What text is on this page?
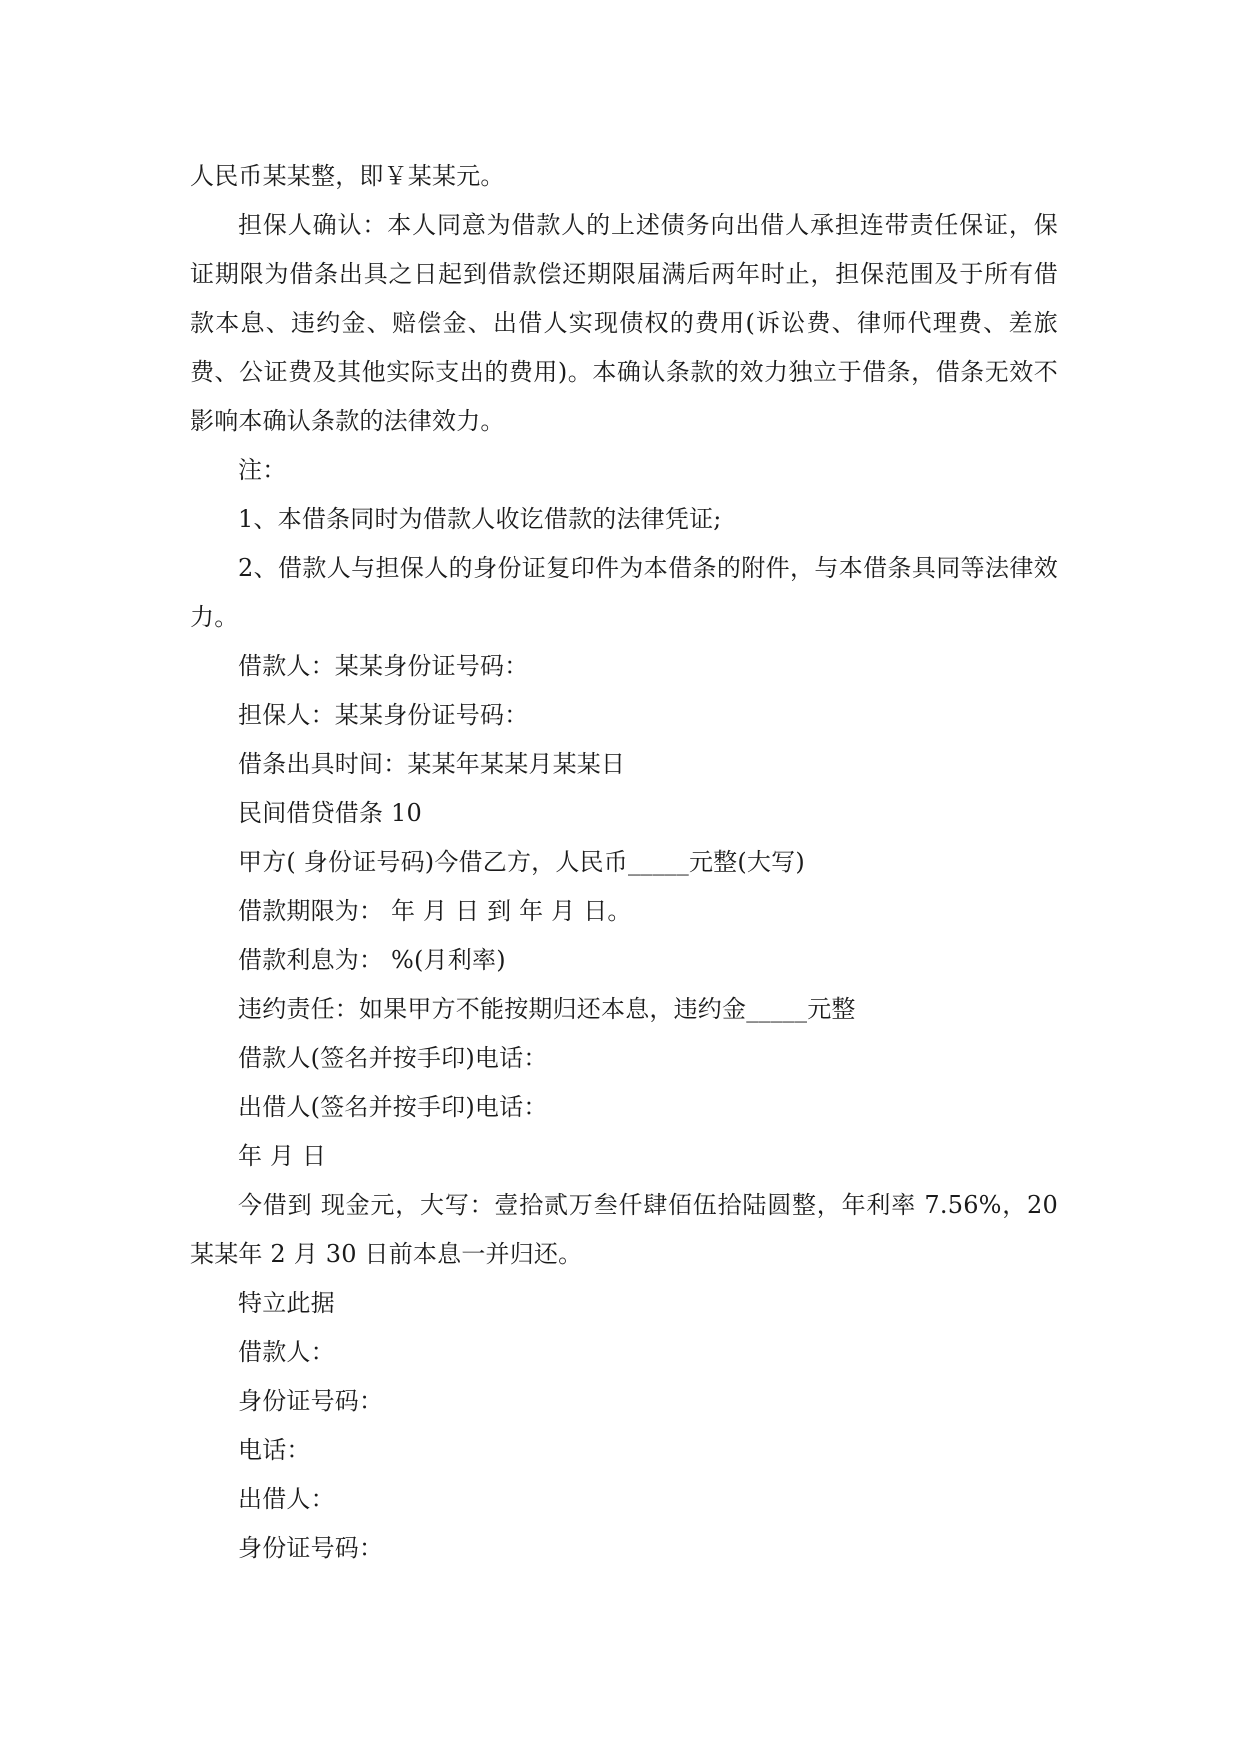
人民币某某整，即￥某某元。

担保人确认：本人同意为借款人的上述债务向出借人承担连带责任保证，保证期限为借条出具之日起到借款偿还期限届满后两年时止，担保范围及于所有借款本息、违约金、赔偿金、出借人实现债权的费用(诉讼费、律师代理费、差旅费、公证费及其他实际支出的费用)。本确认条款的效力独立于借条，借条无效不影响本确认条款的法律效力。

注：

1、本借条同时为借款人收讫借款的法律凭证;

2、借款人与担保人的身份证复印件为本借条的附件，与本借条具同等法律效力。

借款人：某某身份证号码：

担保人：某某身份证号码：

借条出具时间：某某年某某月某某日

民间借贷借条 10

甲方( 身份证号码)今借乙方，人民币_____元整(大写)

借款期限为： 年 月 日 到 年 月 日。

借款利息为： %(月利率)

违约责任：如果甲方不能按期归还本息，违约金_____元整

借款人(签名并按手印)电话：

出借人(签名并按手印)电话：

年 月 日

今借到 现金元，大写：壹拾贰万叁仟肆佰伍拾陆圆整，年利率 7.56%，20某某年 2 月 30 日前本息一并归还。

特立此据

借款人：

身份证号码：

电话：

出借人：

身份证号码：
